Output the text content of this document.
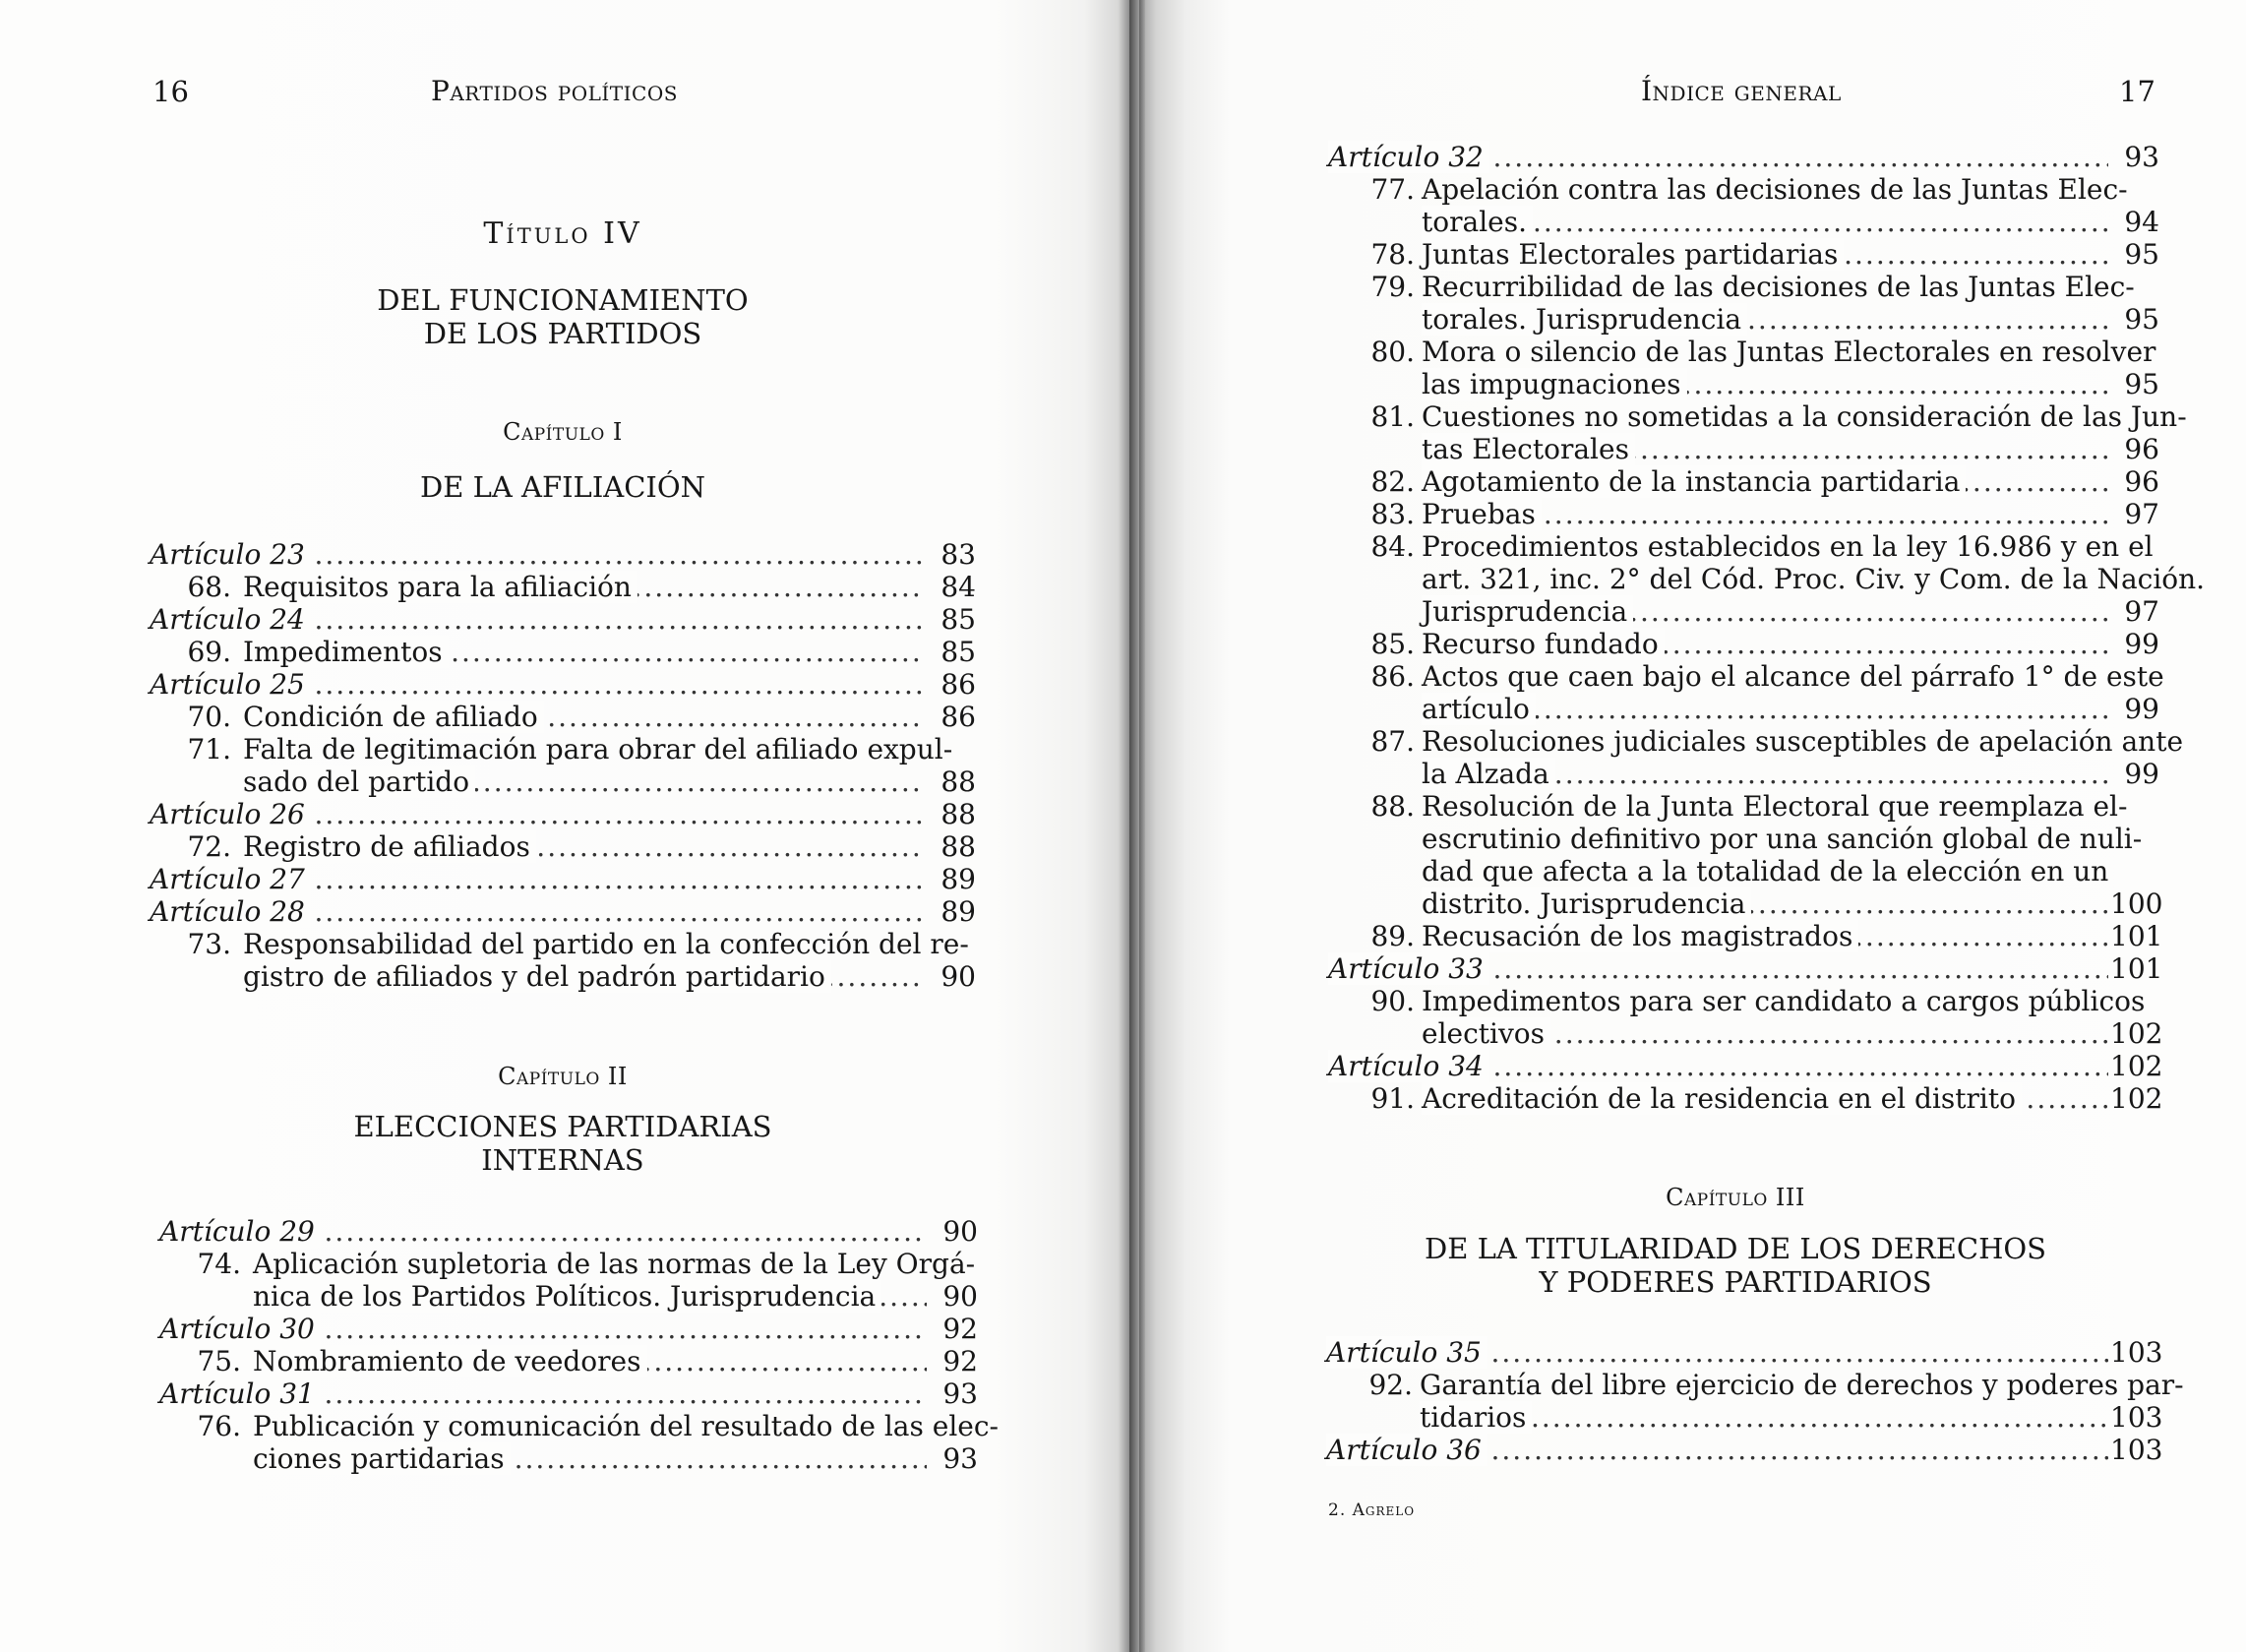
16	Partidos políticos
Título IV
DEL FUNCIONAMIENTO
DE LOS PARTIDOS
Capítulo I
DE LA AFILIACIÓN
.....
Artículo 23	83
68. ..... Requisitos para la afiliación	84
.....
Artículo 24	85
69. ..... Impedimentos	85
.....
Artículo 25	86
70. ..... Condición de afiliado	86
71. Falta de legitimación para obrar del afiliado expul-
.....
sado del partido	88
.....
Artículo 26	88
72. ..... Registro de afiliados	88
.....
Artículo 27	89
.....
Artículo 28	89
73. Responsabilidad del partido en la confección del re-
.....
gistro de afiliados y del padrón partidario	90
Capítulo II
ELECCIONES PARTIDARIAS
INTERNAS
.....
Artículo 29	90
74. Aplicación supletoria de las normas de la Ley Orgá-
.....
nica de los Partidos Políticos. Jurisprudencia	90
.....
Artículo 30	92
75. ..... Nombramiento de veedores	92
.....
Artículo 31	93
76. Publicación y comunicación del resultado de las elec-
.....
ciones partidarias	93
Índice general	17
.....
Artículo 32	93
77. Apelación contra las decisiones de las Juntas Elec-
.....
torales.	94
78. ..... Juntas Electorales partidarias	95
79. Recurribilidad de las decisiones de las Juntas Elec-
.....
torales. Jurisprudencia	95
80. Mora o silencio de las Juntas Electorales en resolver
.....
las impugnaciones	95
81. Cuestiones no sometidas a la consideración de las Jun-
.....
tas Electorales	96
82. ..... Agotamiento de la instancia partidaria	96
83. ..... Pruebas	97
84. Procedimientos establecidos en la ley 16.986 y en el
art. 321, inc. 2° del Cód. Proc. Civ. y Com. de la Nación.
.....
Jurisprudencia	97
85. ..... Recurso fundado	99
86. Actos que caen bajo el alcance del párrafo 1° de este
.....
artículo	99
87. Resoluciones judiciales susceptibles de apelación ante
.....
la Alzada	99
88. Resolución de la Junta Electoral que reemplaza el-
escrutinio definitivo por una sanción global de nuli-
dad que afecta a la totalidad de la elección en un
.....
distrito. Jurisprudencia	100
89. ..... Recusación de los magistrados	101
.....
Artículo 33	101
90. Impedimentos para ser candidato a cargos públicos
.....
electivos	102
.....
Artículo 34	102
91. ..... Acreditación de la residencia en el distrito	102
Capítulo III
DE LA TITULARIDAD DE LOS DERECHOS
Y PODERES PARTIDARIOS
.....
Artículo 35	103
92. Garantía del libre ejercicio de derechos y poderes par-
.....
tidarios	103
.....
Artículo 36	103
2. Agrelo
